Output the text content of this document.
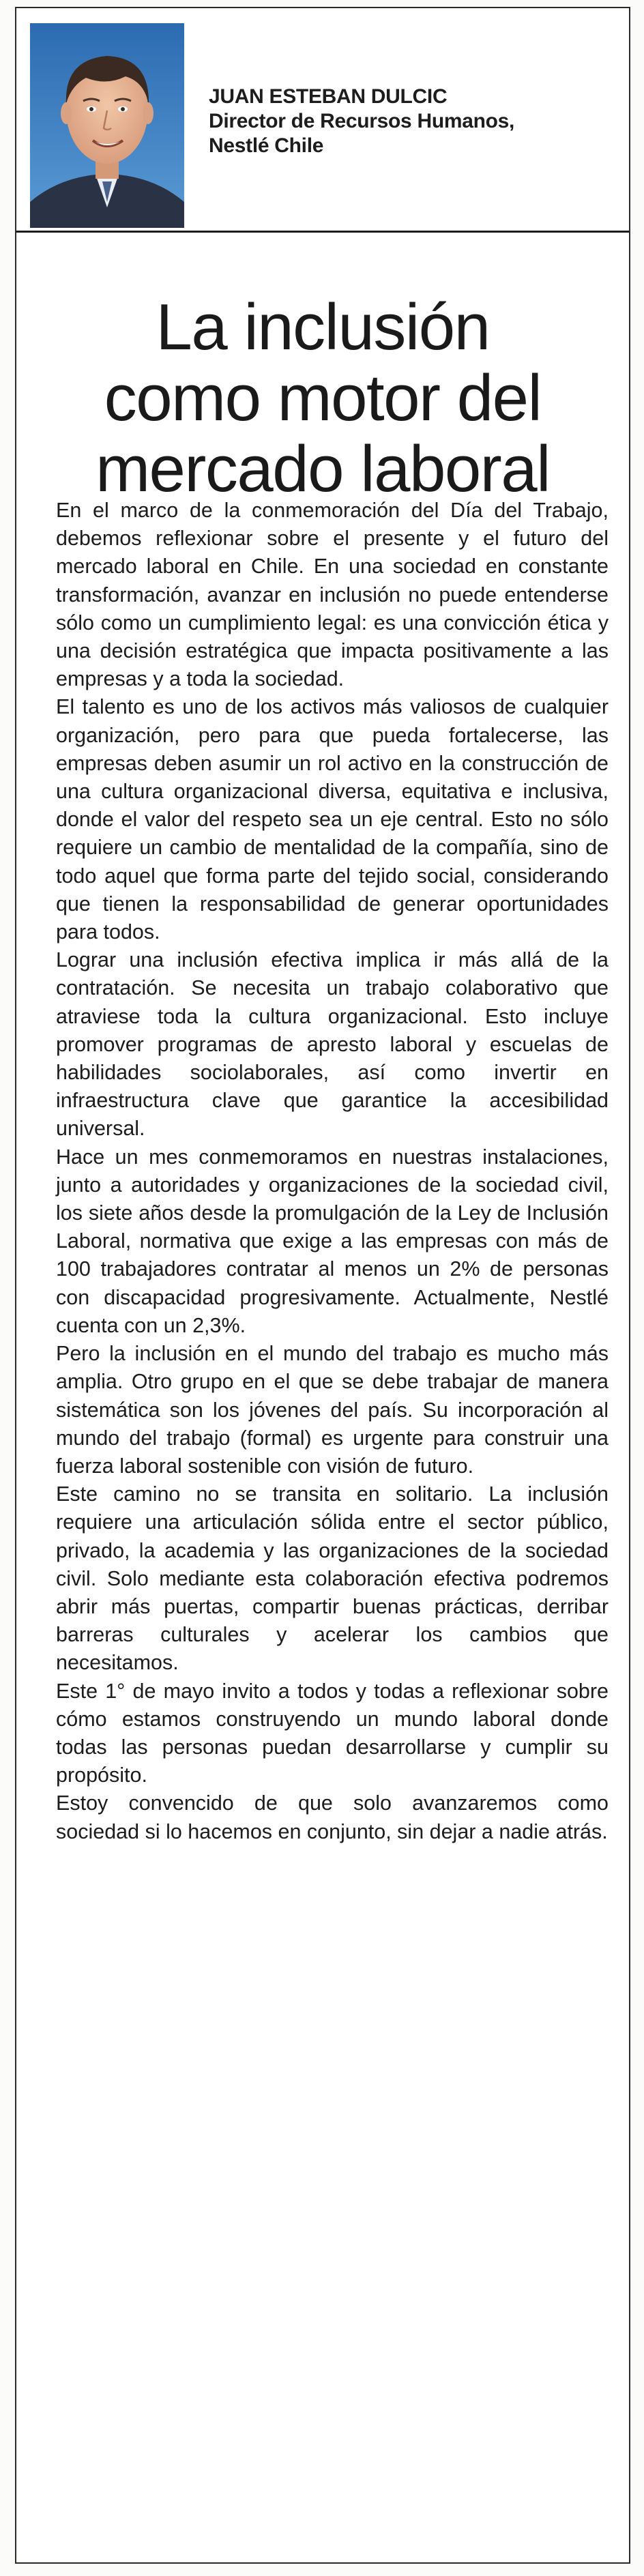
JUAN ESTEBAN DULCIC
Director de Recursos Humanos,
Nestlé Chile
La inclusión
como motor del
mercado laboral

En el marco de la conmemoración del Día del Trabajo, debemos reflexionar sobre el presente y el futuro del mercado laboral en Chile. En una sociedad en constante transformación, avanzar en inclusión no puede entenderse sólo como un cumplimiento legal: es una convicción ética y una decisión estratégica que impacta positivamente a las empresas y a toda la sociedad.

El talento es uno de los activos más valiosos de cualquier organización, pero para que pueda fortalecerse, las empresas deben asumir un rol activo en la construcción de una cultura organizacional diversa, equitativa e inclusiva, donde el valor del respeto sea un eje central. Esto no sólo requiere un cambio de mentalidad de la compañía, sino de todo aquel que forma parte del tejido social, considerando que tienen la responsabilidad de generar oportunidades para todos.

Lograr una inclusión efectiva implica ir más allá de la contratación. Se necesita un trabajo colaborativo que atraviese toda la cultura organizacional. Esto incluye promover programas de apresto laboral y escuelas de habilidades sociolaborales, así como invertir en infraestructura clave que garantice la accesibilidad universal.

Hace un mes conmemoramos en nuestras instalaciones, junto a autoridades y organizaciones de la sociedad civil, los siete años desde la promulgación de la Ley de Inclusión Laboral, normativa que exige a las empresas con más de 100 trabajadores contratar al menos un 2% de personas con discapacidad progresivamente. Actualmente, Nestlé cuenta con un 2,3%.

Pero la inclusión en el mundo del trabajo es mucho más amplia. Otro grupo en el que se debe trabajar de manera sistemática son los jóvenes del país. Su incorporación al mundo del trabajo (formal) es urgente para construir una fuerza laboral sostenible con visión de futuro.

Este camino no se transita en solitario. La inclusión requiere una articulación sólida entre el sector público, privado, la academia y las organizaciones de la sociedad civil. Solo mediante esta colaboración efectiva podremos abrir más puertas, compartir buenas prácticas, derribar barreras culturales y acelerar los cambios que necesitamos.

Este 1° de mayo invito a todos y todas a reflexionar sobre cómo estamos construyendo un mundo laboral donde todas las personas puedan desarrollarse y cumplir su propósito.

Estoy convencido de que solo avanzaremos como sociedad si lo hacemos en conjunto, sin dejar a nadie atrás.
